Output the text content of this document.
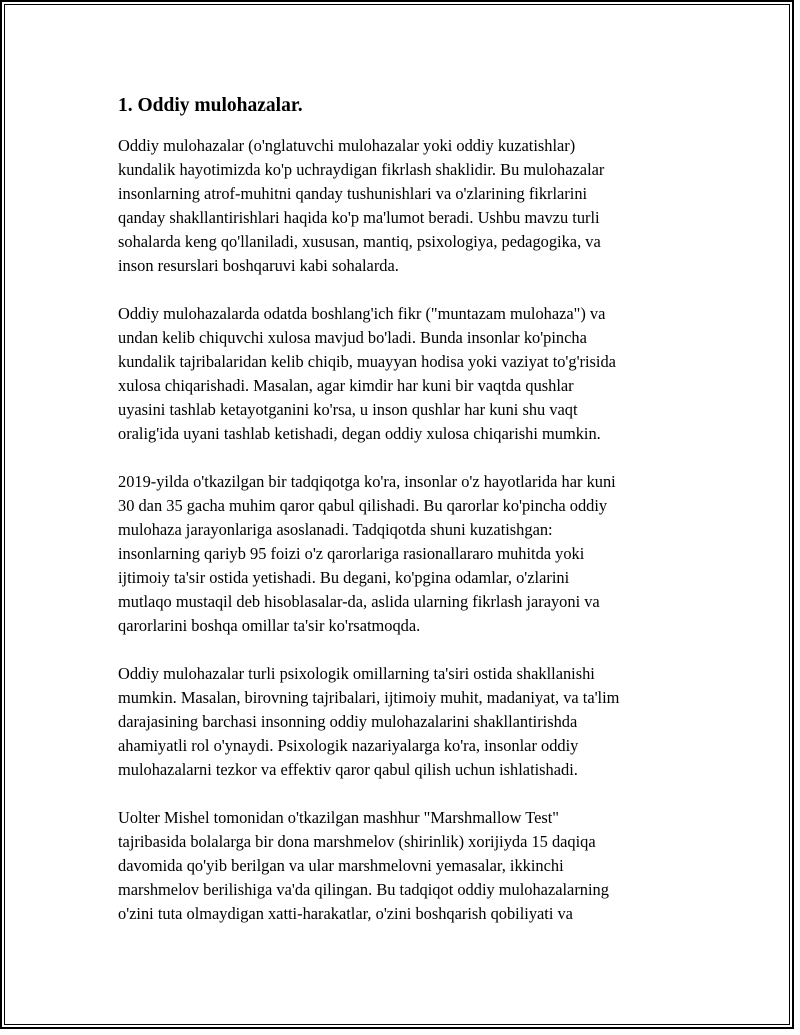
1. Oddiy mulohazalar.

Oddiy mulohazalar (o'nglatuvchi mulohazalar yoki oddiy kuzatishlar)
kundalik hayotimizda ko'p uchraydigan fikrlash shaklidir. Bu mulohazalar
insonlarning atrof-muhitni qanday tushunishlari va o'zlarining fikrlarini
qanday shakllantirishlari haqida ko'p ma'lumot beradi. Ushbu mavzu turli
sohalarda keng qo'llaniladi, xususan, mantiq, psixologiya, pedagogika, va
inson resurslari boshqaruvi kabi sohalarda.

Oddiy mulohazalarda odatda boshlang'ich fikr ("muntazam mulohaza") va
undan kelib chiquvchi xulosa mavjud bo'ladi. Bunda insonlar ko'pincha
kundalik tajribalaridan kelib chiqib, muayyan hodisa yoki vaziyat to'g'risida
xulosa chiqarishadi. Masalan, agar kimdir har kuni bir vaqtda qushlar
uyasini tashlab ketayotganini ko'rsa, u inson qushlar har kuni shu vaqt
oralig'ida uyani tashlab ketishadi, degan oddiy xulosa chiqarishi mumkin.

2019-yilda o'tkazilgan bir tadqiqotga ko'ra, insonlar o'z hayotlarida har kuni
30 dan 35 gacha muhim qaror qabul qilishadi. Bu qarorlar ko'pincha oddiy
mulohaza jarayonlariga asoslanadi. Tadqiqotda shuni kuzatishgan:
insonlarning qariyb 95 foizi o'z qarorlariga rasionallararo muhitda yoki
ijtimoiy ta'sir ostida yetishadi. Bu degani, ko'pgina odamlar, o'zlarini
mutlaqo mustaqil deb hisoblasalar-da, aslida ularning fikrlash jarayoni va
qarorlarini boshqa omillar ta'sir ko'rsatmoqda.

Oddiy mulohazalar turli psixologik omillarning ta'siri ostida shakllanishi
mumkin. Masalan, birovning tajribalari, ijtimoiy muhit, madaniyat, va ta'lim
darajasining barchasi insonning oddiy mulohazalarini shakllantirishda
ahamiyatli rol o'ynaydi. Psixologik nazariyalarga ko'ra, insonlar oddiy
mulohazalarni tezkor va effektiv qaror qabul qilish uchun ishlatishadi.

Uolter Mishel tomonidan o'tkazilgan mashhur "Marshmallow Test"
tajribasida bolalarga bir dona marshmelov (shirinlik) xorijiyda 15 daqiqa
davomida qo'yib berilgan va ular marshmelovni yemasalar, ikkinchi
marshmelov berilishiga va'da qilingan. Bu tadqiqot oddiy mulohazalarning
o'zini tuta olmaydigan xatti-harakatlar, o'zini boshqarish qobiliyati va
